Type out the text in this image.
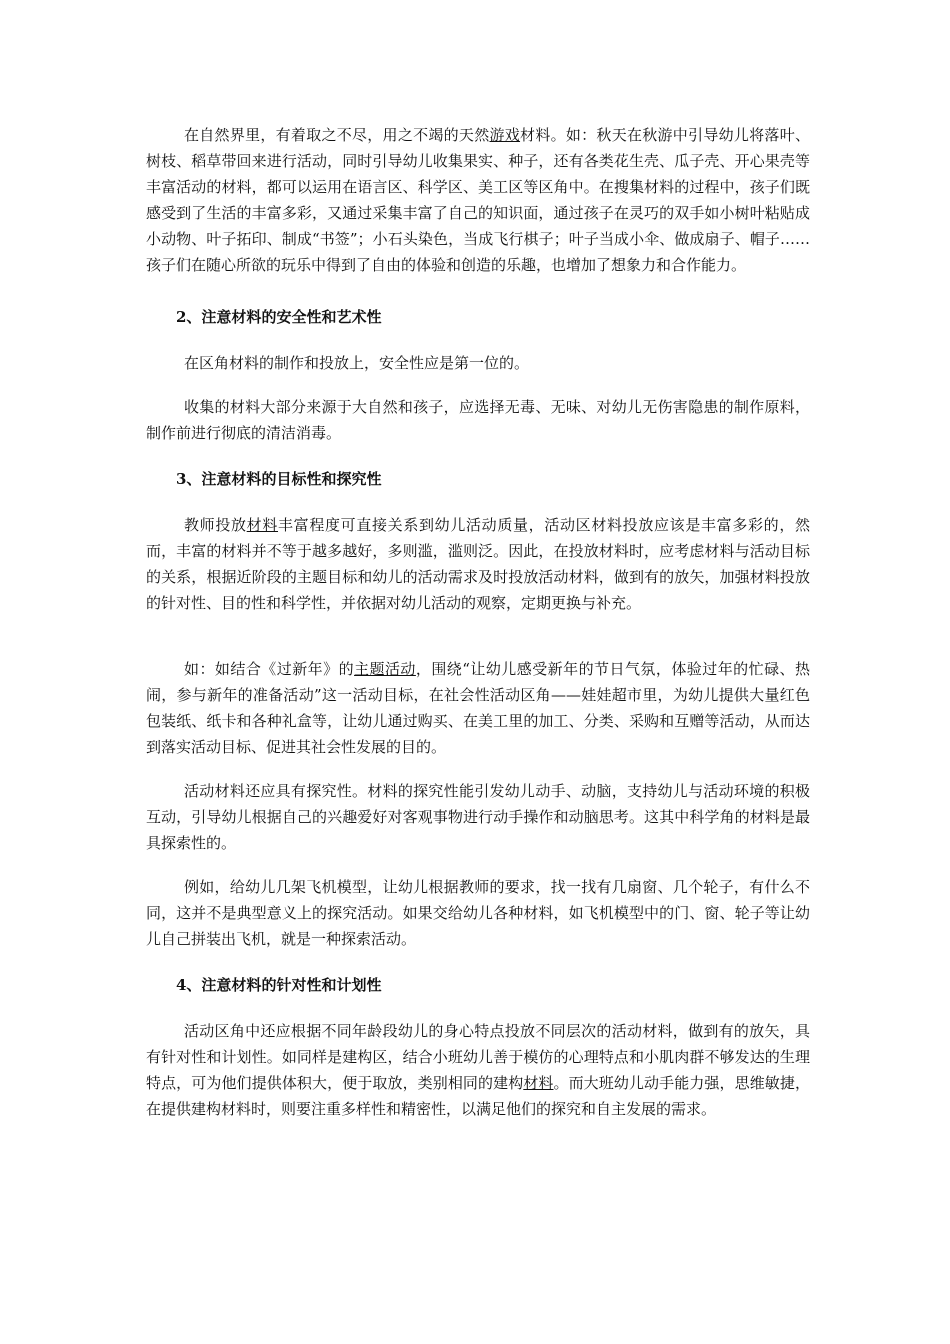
在自然界里，有着取之不尽，用之不竭的天然游戏材料。如：秋天在秋游中引导幼儿将落叶、树枝、稻草带回来进行活动，同时引导幼儿收集果实、种子，还有各类花生壳、瓜子壳、开心果壳等丰富活动的材料，都可以运用在语言区、科学区、美工区等区角中。在搜集材料的过程中，孩子们既感受到了生活的丰富多彩，又通过采集丰富了自己的知识面，通过孩子在灵巧的双手如小树叶粘贴成小动物、叶子拓印、制成“书签”；小石头染色，当成飞行棋子；叶子当成小伞、做成扇子、帽子……孩子们在随心所欲的玩乐中得到了自由的体验和创造的乐趣，也增加了想象力和合作能力。

2、注意材料的安全性和艺术性

在区角材料的制作和投放上，安全性应是第一位的。

收集的材料大部分来源于大自然和孩子，应选择无毒、无味、对幼儿无伤害隐患的制作原料，制作前进行彻底的清洁消毒。

3、注意材料的目标性和探究性

教师投放材料丰富程度可直接关系到幼儿活动质量，活动区材料投放应该是丰富多彩的，然而，丰富的材料并不等于越多越好，多则滥，滥则泛。因此，在投放材料时，应考虑材料与活动目标的关系，根据近阶段的主题目标和幼儿的活动需求及时投放活动材料，做到有的放矢，加强材料投放的针对性、目的性和科学性，并依据对幼儿活动的观察，定期更换与补充。

如：如结合《过新年》的主题活动，围绕“让幼儿感受新年的节日气氛，体验过年的忙碌、热闹，参与新年的准备活动”这一活动目标，在社会性活动区角——娃娃超市里，为幼儿提供大量红色包装纸、纸卡和各种礼盒等，让幼儿通过购买、在美工里的加工、分类、采购和互赠等活动，从而达到落实活动目标、促进其社会性发展的目的。

活动材料还应具有探究性。材料的探究性能引发幼儿动手、动脑，支持幼儿与活动环境的积极互动，引导幼儿根据自己的兴趣爱好对客观事物进行动手操作和动脑思考。这其中科学角的材料是最具探索性的。

例如，给幼儿几架飞机模型，让幼儿根据教师的要求，找一找有几扇窗、几个轮子，有什么不同，这并不是典型意义上的探究活动。如果交给幼儿各种材料，如飞机模型中的门、窗、轮子等让幼儿自己拼装出飞机，就是一种探索活动。

4、注意材料的针对性和计划性

活动区角中还应根据不同年龄段幼儿的身心特点投放不同层次的活动材料，做到有的放矢，具有针对性和计划性。如同样是建构区，结合小班幼儿善于模仿的心理特点和小肌肉群不够发达的生理特点，可为他们提供体积大，便于取放，类别相同的建构材料。而大班幼儿动手能力强，思维敏捷，在提供建构材料时，则要注重多样性和精密性，以满足他们的探究和自主发展的需求。
